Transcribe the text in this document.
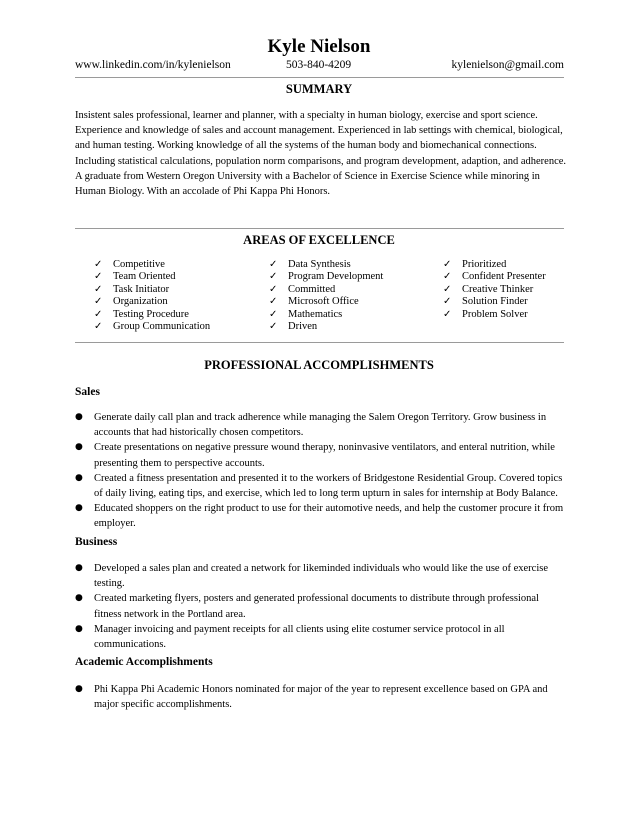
Kyle Nielson
www.linkedin.com/in/kylenielson	503-840-4209	kylenielson@gmail.com
SUMMARY
Insistent sales professional, learner and planner, with a specialty in human biology, exercise and sport science.
Experience and knowledge of sales and account management. Experienced in lab settings with chemical, biological,
and human testing. Working knowledge of all the systems of the human body and biomechanical connections.
Including statistical calculations, population norm comparisons, and program development, adaption, and adherence.
A graduate from Western Oregon University with a Bachelor of Science in Exercise Science while minoring in
Human Biology. With an accolade of Phi Kappa Phi Honors.
AREAS OF EXCELLENCE
✓ Competitive
✓ Team Oriented
✓ Task Initiator
✓ Organization
✓ Testing Procedure
✓ Group Communication
✓ Data Synthesis
✓ Program Development
✓ Committed
✓ Microsoft Office
✓ Mathematics
✓ Driven
✓ Prioritized
✓ Confident Presenter
✓ Creative Thinker
✓ Solution Finder
✓ Problem Solver
PROFESSIONAL ACCOMPLISHMENTS
Sales
● Generate daily call plan and track adherence while managing the Salem Oregon Territory. Grow business in
accounts that had historically chosen competitors.
● Create presentations on negative pressure wound therapy, noninvasive ventilators, and enteral nutrition, while
presenting them to perspective accounts.
● Created a fitness presentation and presented it to the workers of Bridgestone Residential Group. Covered topics
of daily living, eating tips, and exercise, which led to long term upturn in sales for internship at Body Balance.
● Educated shoppers on the right product to use for their automotive needs, and help the customer procure it from
employer.
Business
● Developed a sales plan and created a network for likeminded individuals who would like the use of exercise
testing.
● Created marketing flyers, posters and generated professional documents to distribute through professional
fitness network in the Portland area.
● Manager invoicing and payment receipts for all clients using elite costumer service protocol in all
communications.
Academic Accomplishments
● Phi Kappa Phi Academic Honors nominated for major of the year to represent excellence based on GPA and
major specific accomplishments.
